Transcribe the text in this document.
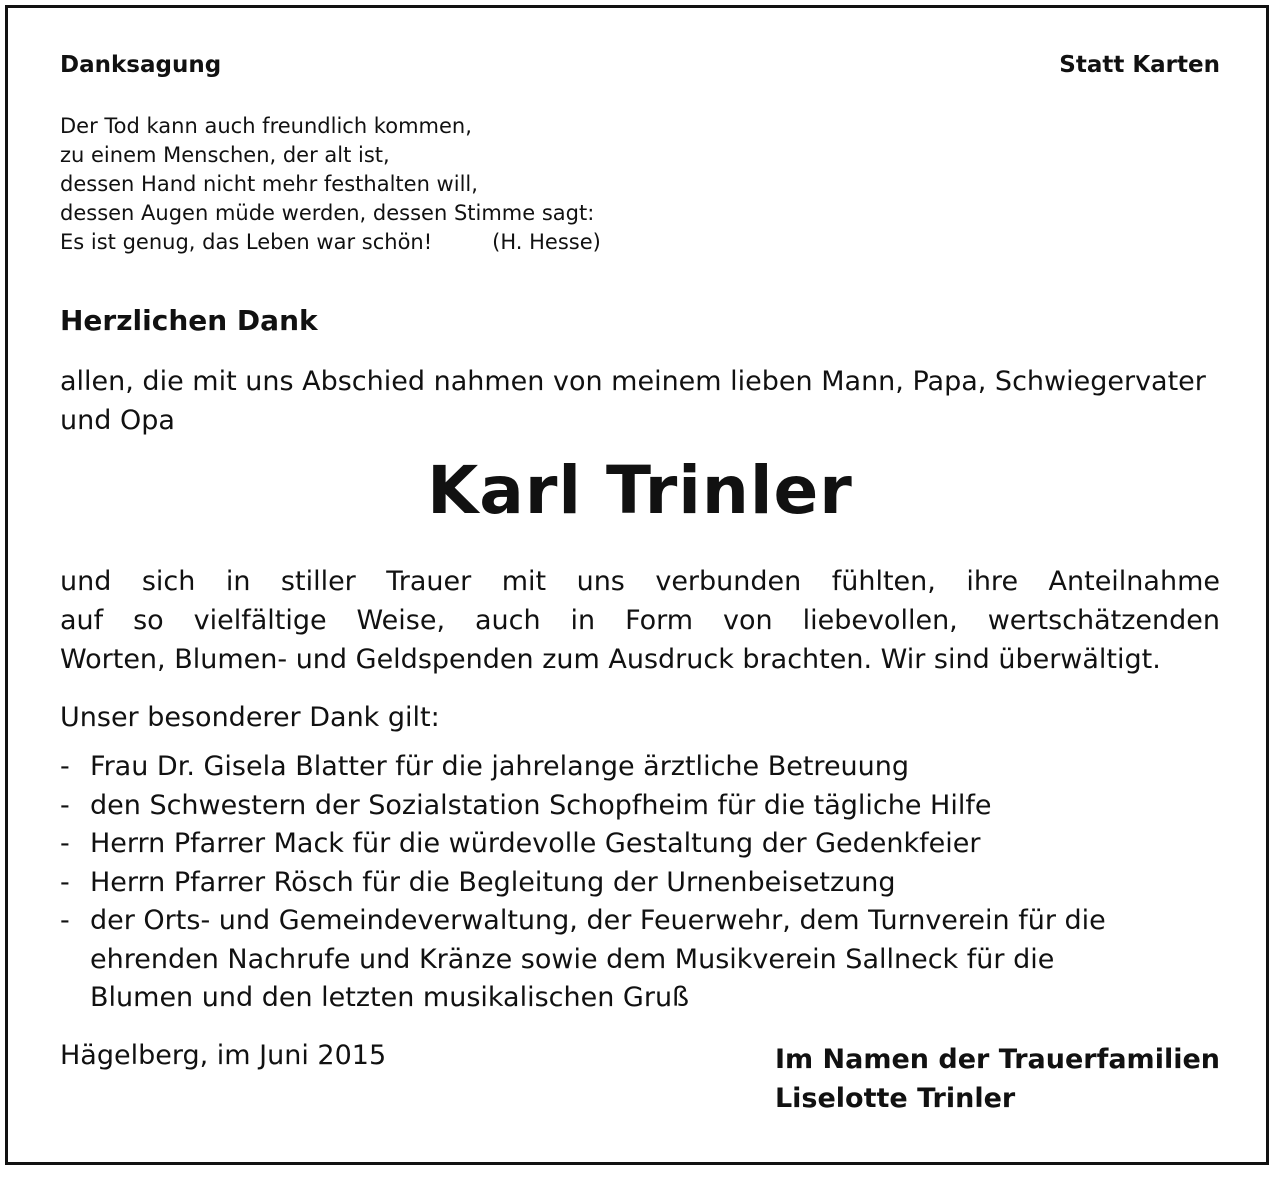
Danksagung	Statt Karten
Der Tod kann auch freundlich kommen,
zu einem Menschen, der alt ist,
dessen Hand nicht mehr festhalten will,
dessen Augen müde werden, dessen Stimme sagt:
Es ist genug, das Leben war schön!	(H. Hesse)
Herzlichen Dank
allen, die mit uns Abschied nahmen von meinem lieben Mann, Papa, Schwiegervater
und Opa
Karl Trinler
und sich in stiller Trauer mit uns verbunden fühlten, ihre Anteilnahme
auf so vielfältige Weise, auch in Form von liebevollen, wertschätzenden
Worten, Blumen- und Geldspenden zum Ausdruck brachten. Wir sind überwältigt.
Unser besonderer Dank gilt:
- Frau Dr. Gisela Blatter für die jahrelange ärztliche Betreuung
- den Schwestern der Sozialstation Schopfheim für die tägliche Hilfe
- Herrn Pfarrer Mack für die würdevolle Gestaltung der Gedenkfeier
- Herrn Pfarrer Rösch für die Begleitung der Urnenbeisetzung
- der Orts- und Gemeindeverwaltung, der Feuerwehr, dem Turnverein für die
ehrenden Nachrufe und Kränze sowie dem Musikverein Sallneck für die
Blumen und den letzten musikalischen Gruß
Hägelberg, im Juni 2015	Im Namen der Trauerfamilien
Liselotte Trinler
